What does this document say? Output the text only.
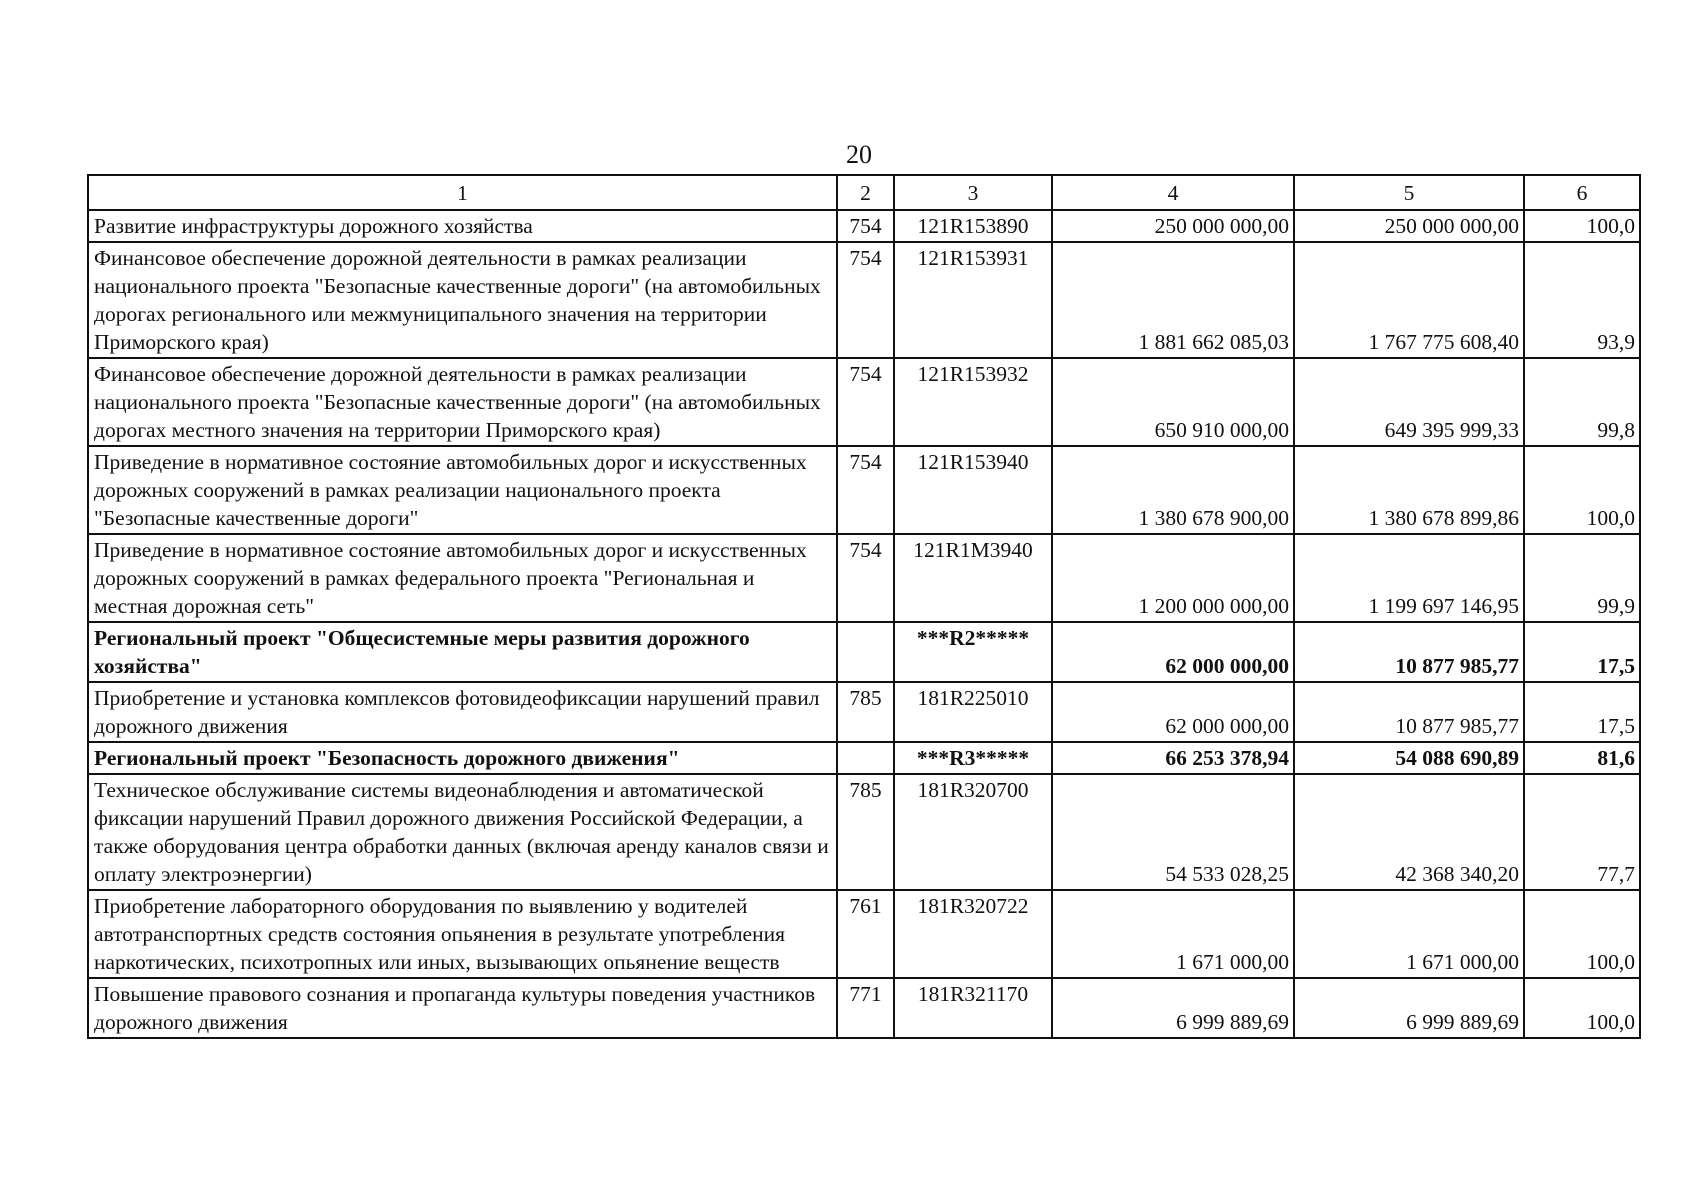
20
1	2	3	4	5	6
Развитие инфраструктуры дорожного хозяйства	754	121R153890	250 000 000,00	250 000 000,00	100,0
Финансовое обеспечение дорожной деятельности в рамках реализации национального проекта "Безопасные качественные дороги" (на автомобильных дорогах регионального или межмуниципального значения на территории Приморского края)	754	121R153931	1 881 662 085,03	1 767 775 608,40	93,9
Финансовое обеспечение дорожной деятельности в рамках реализации национального проекта "Безопасные качественные дороги" (на автомобильных дорогах местного значения на территории Приморского края)	754	121R153932	650 910 000,00	649 395 999,33	99,8
Приведение в нормативное состояние автомобильных дорог и искусственных дорожных сооружений в рамках реализации национального проекта "Безопасные качественные дороги"	754	121R153940	1 380 678 900,00	1 380 678 899,86	100,0
Приведение в нормативное состояние автомобильных дорог и искусственных дорожных сооружений в рамках федерального проекта "Региональная и местная дорожная сеть"	754	121R1M3940	1 200 000 000,00	1 199 697 146,95	99,9
Региональный проект "Общесистемные меры развития дорожного хозяйства"		***R2*****	62 000 000,00	10 877 985,77	17,5
Приобретение и установка комплексов фотовидеофиксации нарушений правил дорожного движения	785	181R225010	62 000 000,00	10 877 985,77	17,5
Региональный проект "Безопасность дорожного движения"		***R3*****	66 253 378,94	54 088 690,89	81,6
Техническое обслуживание системы видеонаблюдения и автоматической фиксации нарушений Правил дорожного движения Российской Федерации, а также оборудования центра обработки данных (включая аренду каналов связи и оплату электроэнергии)	785	181R320700	54 533 028,25	42 368 340,20	77,7
Приобретение лабораторного оборудования по выявлению у водителей автотранспортных средств состояния опьянения в результате употребления наркотических, психотропных или иных, вызывающих опьянение веществ	761	181R320722	1 671 000,00	1 671 000,00	100,0
Повышение правового сознания и пропаганда культуры поведения участников дорожного движения	771	181R321170	6 999 889,69	6 999 889,69	100,0
